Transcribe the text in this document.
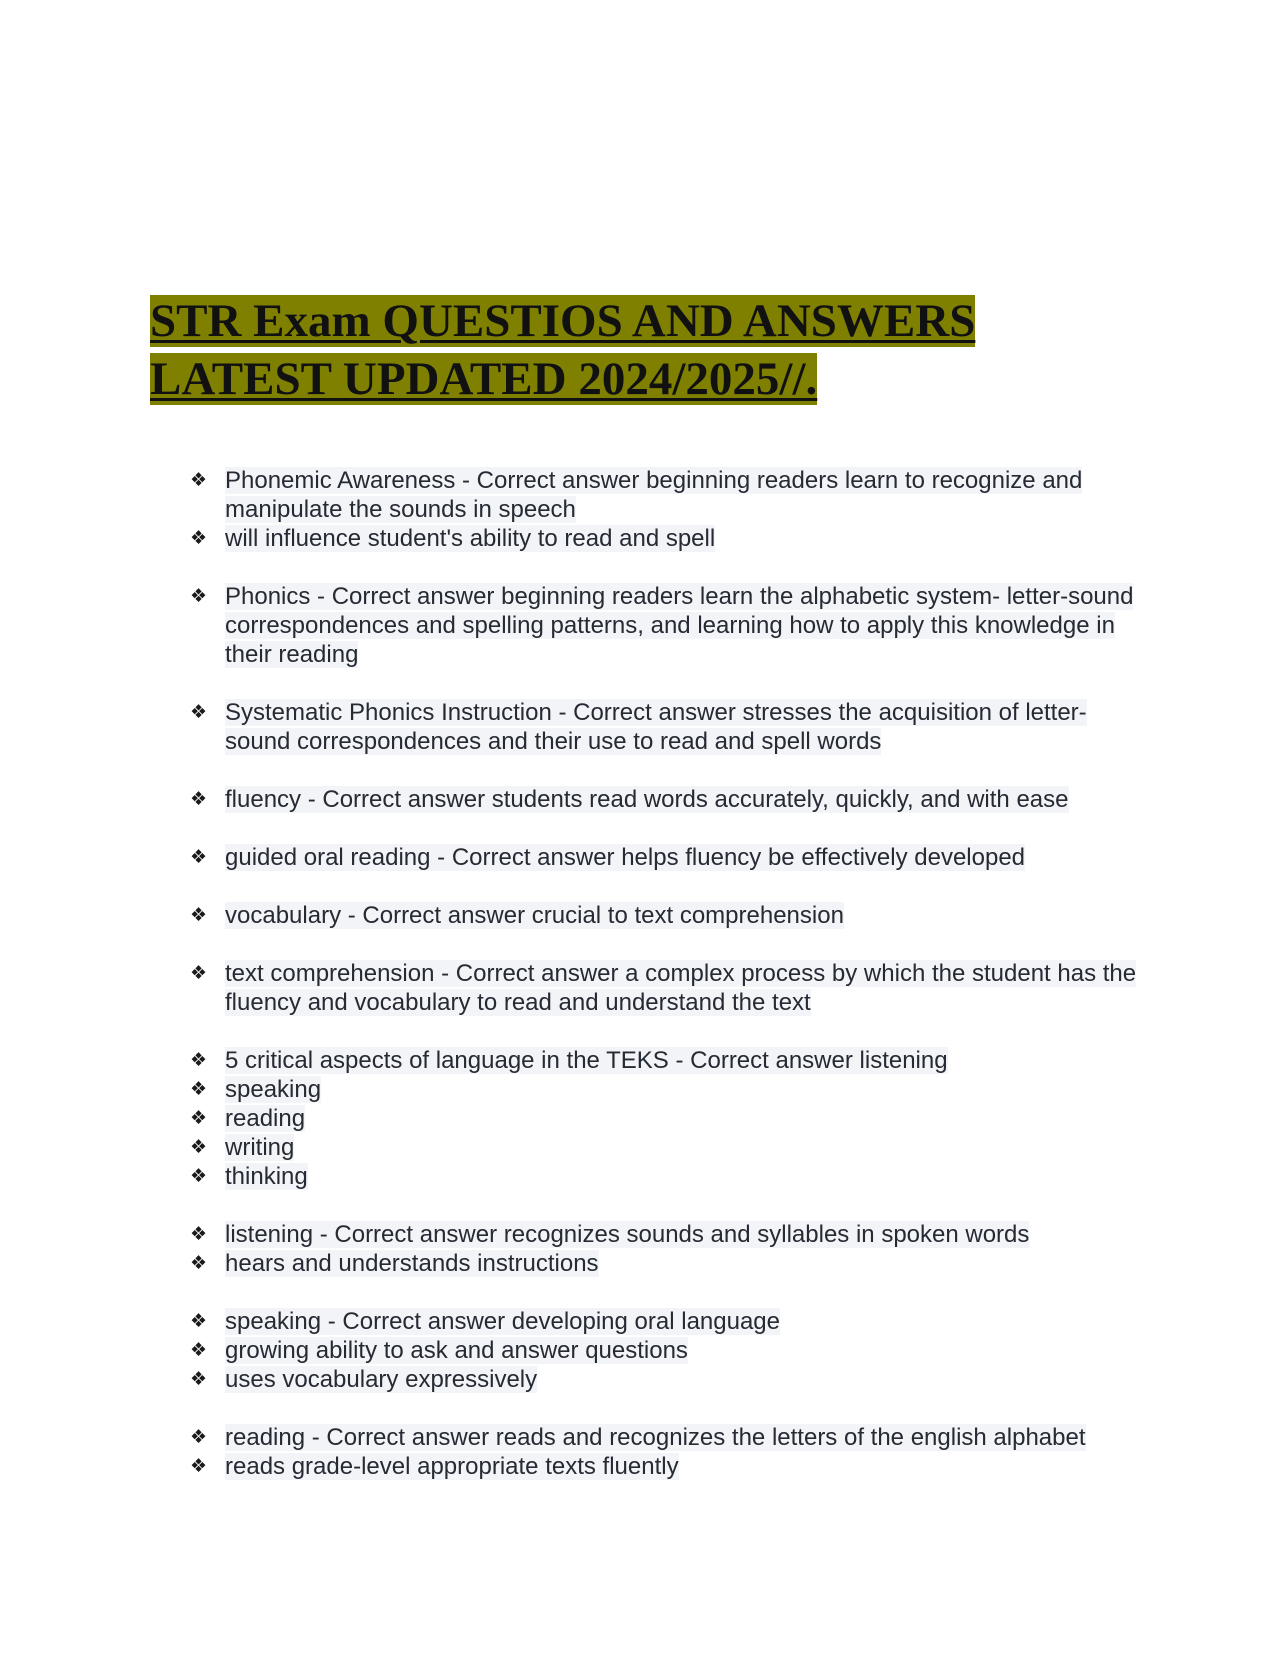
STR Exam QUESTIOS AND ANSWERS
LATEST UPDATED 2024/2025//.
❖ Phonemic Awareness - Correct answer beginning readers learn to recognize and manipulate the sounds in speech
❖ will influence student's ability to read and spell
❖ Phonics - Correct answer beginning readers learn the alphabetic system- letter-sound correspondences and spelling patterns, and learning how to apply this knowledge in their reading
❖ Systematic Phonics Instruction - Correct answer stresses the acquisition of letter-sound correspondences and their use to read and spell words
❖ fluency - Correct answer students read words accurately, quickly, and with ease
❖ guided oral reading - Correct answer helps fluency be effectively developed
❖ vocabulary - Correct answer crucial to text comprehension
❖ text comprehension - Correct answer a complex process by which the student has the fluency and vocabulary to read and understand the text
❖ 5 critical aspects of language in the TEKS - Correct answer listening
❖ speaking
❖ reading
❖ writing
❖ thinking
❖ listening - Correct answer recognizes sounds and syllables in spoken words
❖ hears and understands instructions
❖ speaking - Correct answer developing oral language
❖ growing ability to ask and answer questions
❖ uses vocabulary expressively
❖ reading - Correct answer reads and recognizes the letters of the english alphabet
❖ reads grade-level appropriate texts fluently
